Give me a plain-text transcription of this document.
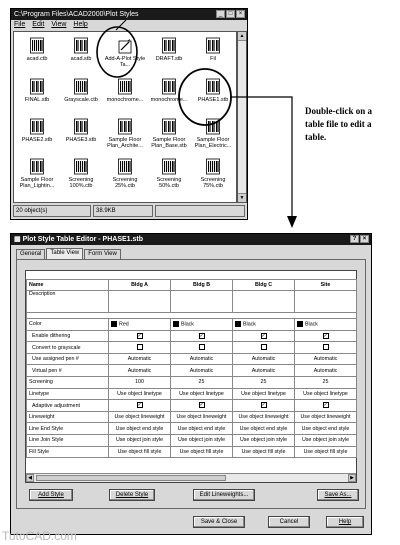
C:\Program Files\ACAD2000\Plot Styles	_	□	×
File Edit View Help
acad.ctb	acad.stb	Add-A-Plot Style Ta...
DRAFT.stb	Fil
FINAL.stb	Grayscale.ctb	monochrome...	monochrome...	PHASE1.stb
PHASE2.stb	PHASE3.stb	Sample Floor Plan_Archite...
Sample Floor Plan_Base.stb
Sample Floor Plan_Electric...
Sample Floor Plan_Lightin...
Screening 100%.ctb
Screening 25%.ctb
Screening 50%.ctb
Screening 75%.ctb
▲
▼
20 object(s)	38.9KB
Double-click on a table file to edit a table.
▦ Plot Style Table Editor - PHASE1.stb	?	×
General	Table View	Form View

Name	Bldg A	Bldg B	Bldg C	Site
Description				

Color	Red	Black	Black	Black
Enable dithering	✓	✓	✓	✓
Convert to grayscale				
Use assigned pen #	Automatic	Automatic	Automatic	Automatic
Virtual pen #	Automatic	Automatic	Automatic	Automatic
Screening	100	25	25	25
Linetype	Use object linetype	Use object linetype	Use object linetype	Use object linetype
Adaptive adjustment	✓	✓	✓	✓
Lineweight	Use object lineweight	Use object lineweight	Use object lineweight	Use object lineweight
Line End Style	Use object end style	Use object end style	Use object end style	Use object end style
Line Join Style	Use object join style	Use object join style	Use object join style	Use object join style
Fill Style	Use object fill style	Use object fill style	Use object fill style	Use object fill style
◀	▶
Add Style	Delete Style	Edit Lineweights...	Save As...
Save & Close	Cancel	Help
TutoCAD.com
